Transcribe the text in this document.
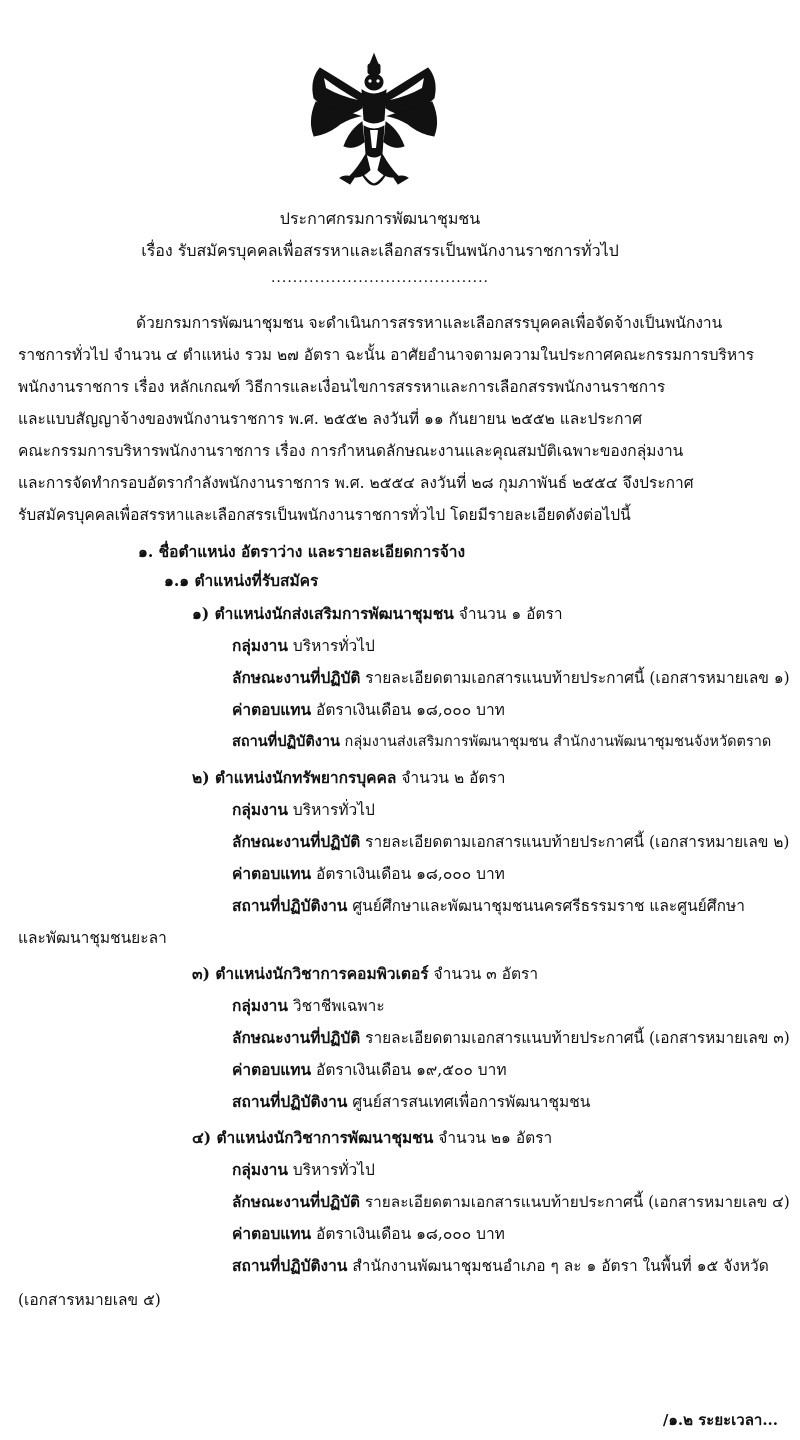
ประกาศกรมการพัฒนาชุมชน
เรื่อง รับสมัครบุคคลเพื่อสรรหาและเลือกสรรเป็นพนักงานราชการทั่วไป
........................................
ด้วยกรมการพัฒนาชุมชน จะดำเนินการสรรหาและเลือกสรรบุคคลเพื่อจัดจ้างเป็นพนักงาน
ราชการทั่วไป จำนวน ๔ ตำแหน่ง รวม ๒๗ อัตรา ฉะนั้น อาศัยอำนาจตามความในประกาศคณะกรรมการบริหาร
พนักงานราชการ เรื่อง หลักเกณฑ์ วิธีการและเงื่อนไขการสรรหาและการเลือกสรรพนักงานราชการ
และแบบสัญญาจ้างของพนักงานราชการ พ.ศ. ๒๕๕๒ ลงวันที่ ๑๑ กันยายน ๒๕๕๒ และประกาศ
คณะกรรมการบริหารพนักงานราชการ เรื่อง การกำหนดลักษณะงานและคุณสมบัติเฉพาะของกลุ่มงาน
และการจัดทำกรอบอัตรากำลังพนักงานราชการ พ.ศ. ๒๕๕๔ ลงวันที่ ๒๘ กุมภาพันธ์ ๒๕๕๔ จึงประกาศ
รับสมัครบุคคลเพื่อสรรหาและเลือกสรรเป็นพนักงานราชการทั่วไป โดยมีรายละเอียดดังต่อไปนี้
๑. ชื่อตำแหน่ง อัตราว่าง และรายละเอียดการจ้าง
๑.๑ ตำแหน่งที่รับสมัคร
๑) ตำแหน่งนักส่งเสริมการพัฒนาชุมชน จำนวน ๑ อัตรา
กลุ่มงาน บริหารทั่วไป
ลักษณะงานที่ปฏิบัติ รายละเอียดตามเอกสารแนบท้ายประกาศนี้ (เอกสารหมายเลข ๑)
ค่าตอบแทน อัตราเงินเดือน ๑๘,๐๐๐ บาท
สถานที่ปฏิบัติงาน กลุ่มงานส่งเสริมการพัฒนาชุมชน สำนักงานพัฒนาชุมชนจังหวัดตราด
๒) ตำแหน่งนักทรัพยากรบุคคล จำนวน ๒ อัตรา
กลุ่มงาน บริหารทั่วไป
ลักษณะงานที่ปฏิบัติ รายละเอียดตามเอกสารแนบท้ายประกาศนี้ (เอกสารหมายเลข ๒)
ค่าตอบแทน อัตราเงินเดือน ๑๘,๐๐๐ บาท
สถานที่ปฏิบัติงาน ศูนย์ศึกษาและพัฒนาชุมชนนครศรีธรรมราช และศูนย์ศึกษา
และพัฒนาชุมชนยะลา
๓) ตำแหน่งนักวิชาการคอมพิวเตอร์ จำนวน ๓ อัตรา
กลุ่มงาน วิชาชีพเฉพาะ
ลักษณะงานที่ปฏิบัติ รายละเอียดตามเอกสารแนบท้ายประกาศนี้ (เอกสารหมายเลข ๓)
ค่าตอบแทน อัตราเงินเดือน ๑๙,๕๐๐ บาท
สถานที่ปฏิบัติงาน ศูนย์สารสนเทศเพื่อการพัฒนาชุมชน
๔) ตำแหน่งนักวิชาการพัฒนาชุมชน จำนวน ๒๑ อัตรา
กลุ่มงาน บริหารทั่วไป
ลักษณะงานที่ปฏิบัติ รายละเอียดตามเอกสารแนบท้ายประกาศนี้ (เอกสารหมายเลข ๔)
ค่าตอบแทน อัตราเงินเดือน ๑๘,๐๐๐ บาท
สถานที่ปฏิบัติงาน สำนักงานพัฒนาชุมชนอำเภอ ๆ ละ ๑ อัตรา ในพื้นที่ ๑๕ จังหวัด
(เอกสารหมายเลข ๕)
/๑.๒ ระยะเวลา...
